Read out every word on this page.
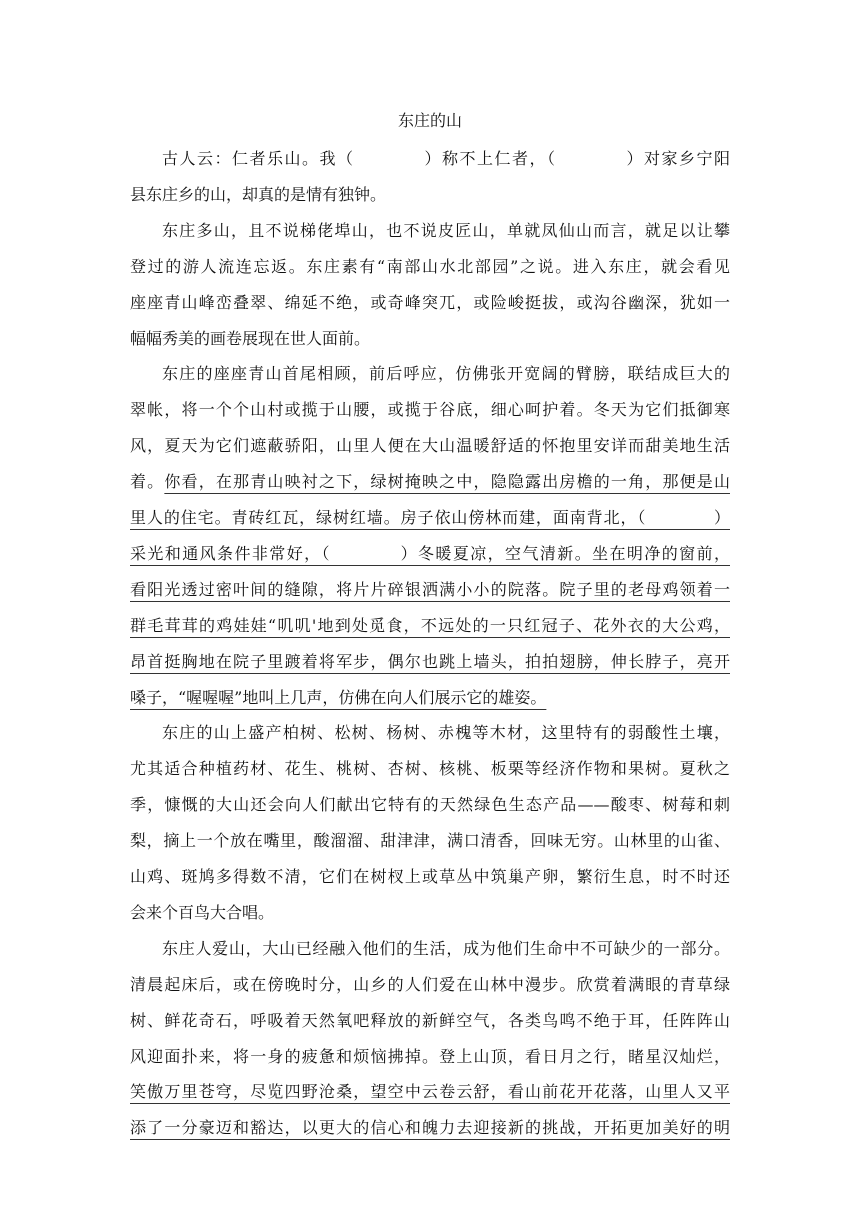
东庄的山
古人云：仁者乐山。我（　　　　）称不上仁者，（　　　　）对家乡宁阳
县东庄乡的山，却真的是情有独钟。
东庄多山，且不说梯佬埠山，也不说皮匠山，单就凤仙山而言，就足以让攀
登过的游人流连忘返。东庄素有“南部山水北部园”之说。进入东庄，就会看见
座座青山峰峦叠翠、绵延不绝，或奇峰突兀，或险峻挺拔，或沟谷幽深，犹如一
幅幅秀美的画卷展现在世人面前。
东庄的座座青山首尾相顾，前后呼应，仿佛张开宽阔的臂膀，联结成巨大的
翠帐，将一个个山村或揽于山腰，或揽于谷底，细心呵护着。冬天为它们抵御寒
风，夏天为它们遮蔽骄阳，山里人便在大山温暖舒适的怀抱里安详而甜美地生活
着。你看，在那青山映衬之下，绿树掩映之中，隐隐露出房檐的一角，那便是山
里人的住宅。青砖红瓦，绿树红墙。房子依山傍林而建，面南背北，（　　　　）
采光和通风条件非常好，（　　　　）冬暖夏凉，空气清新。坐在明净的窗前，
看阳光透过密叶间的缝隙，将片片碎银洒满小小的院落。院子里的老母鸡领着一
群毛茸茸的鸡娃娃“叽叽'地到处觅食，不远处的一只红冠子、花外衣的大公鸡，
昂首挺胸地在院子里踱着将军步，偶尔也跳上墙头，拍拍翅膀，伸长脖子，亮开
嗓子，“喔喔喔”地叫上几声，仿佛在向人们展示它的雄姿。
东庄的山上盛产柏树、松树、杨树、赤槐等木材，这里特有的弱酸性土壤，
尤其适合种植药材、花生、桃树、杏树、核桃、板栗等经济作物和果树。夏秋之
季，慷慨的大山还会向人们献出它特有的天然绿色生态产品——酸枣、树莓和刺
梨，摘上一个放在嘴里，酸溜溜、甜津津，满口清香，回味无穷。山林里的山雀、
山鸡、斑鸠多得数不清，它们在树杈上或草丛中筑巢产卵，繁衍生息，时不时还
会来个百鸟大合唱。
东庄人爱山，大山已经融入他们的生活，成为他们生命中不可缺少的一部分。
清晨起床后，或在傍晚时分，山乡的人们爱在山林中漫步。欣赏着满眼的青草绿
树、鲜花奇石，呼吸着天然氧吧释放的新鲜空气，各类鸟鸣不绝于耳，任阵阵山
风迎面扑来，将一身的疲惫和烦恼拂掉。登上山顶，看日月之行，睹星汉灿烂，
笑傲万里苍穹，尽览四野沧桑，望空中云卷云舒，看山前花开花落，山里人又平
添了一分豪迈和豁达，以更大的信心和魄力去迎接新的挑战，开拓更加美好的明
